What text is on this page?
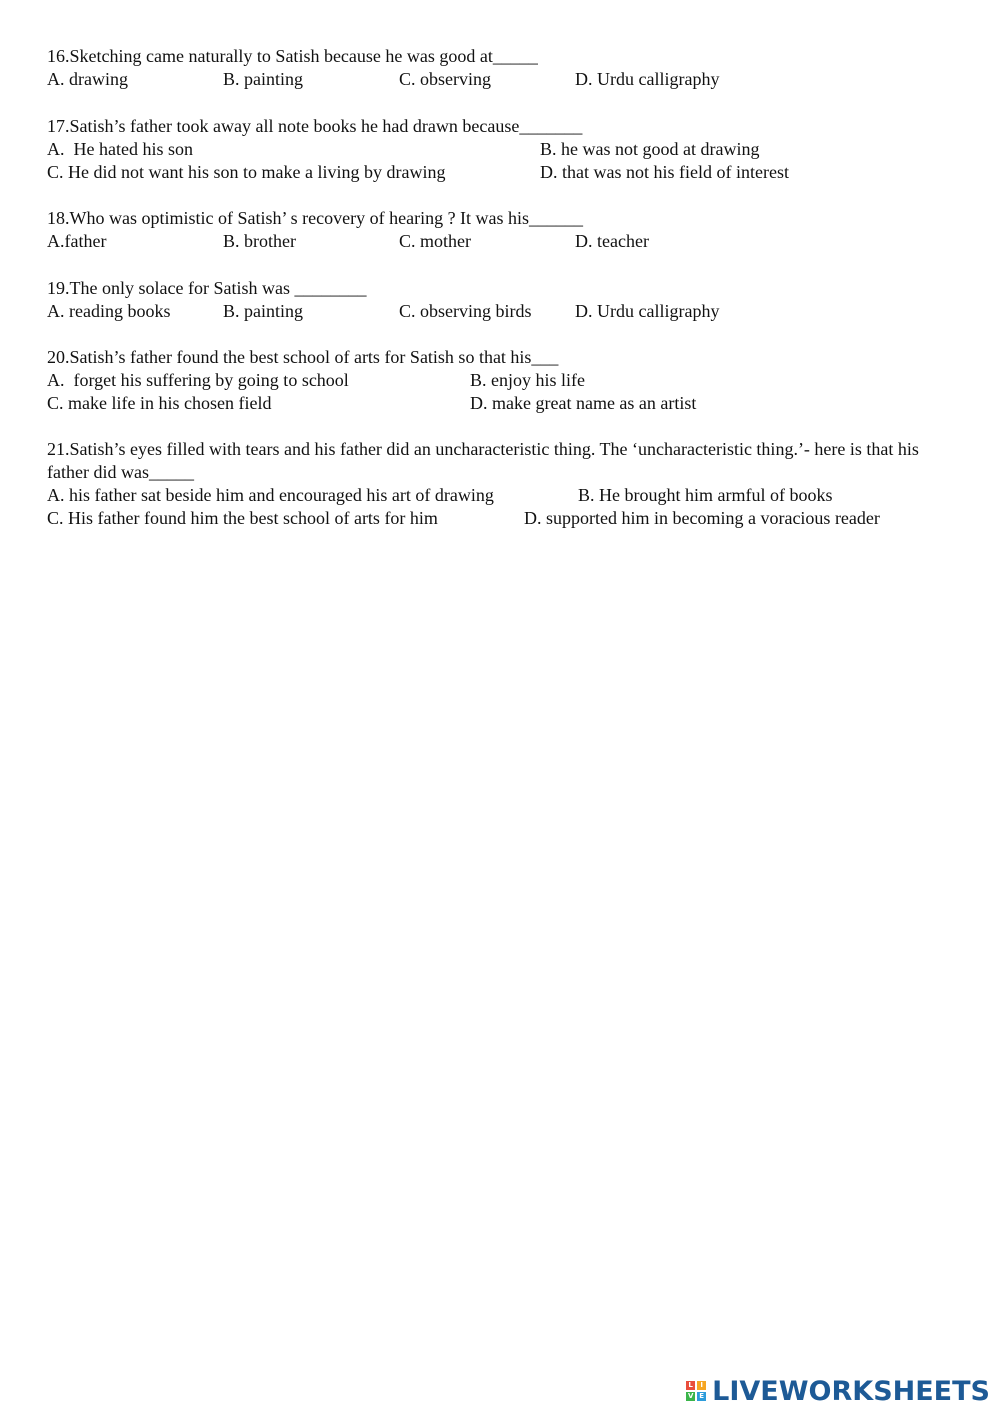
16.Sketching came naturally to Satish because he was good at_____

A. drawing	B. painting	C. observing	D. Urdu calligraphy

17.Satish’s father took away all note books he had drawn because_______

A.  He hated his son	B. he was not good at drawing
C. He did not want his son to make a living by drawing	D. that was not his field of interest

18.Who was optimistic of Satish’ s recovery of hearing ? It was his______

A.father	B. brother	C. mother	D. teacher

19.The only solace for Satish was ________

A. reading books	B. painting	C. observing birds D. Urdu calligraphy

20.Satish’s father found the best school of arts for Satish so that his___

A.  forget his suffering by going to school	B. enjoy his life
C. make life in his chosen field	D. make great name as an artist

21.Satish’s eyes filled with tears and his father did an uncharacteristic thing. The ‘uncharacteristic thing.’- here is that his father did was_____

A. his father sat beside him and encouraged his art of drawing	B. He brought him armful of books
C. His father found him the best school of arts for him	D. supported him in becoming a voracious reader
L	I
V E LIVEWORKSHEETS
